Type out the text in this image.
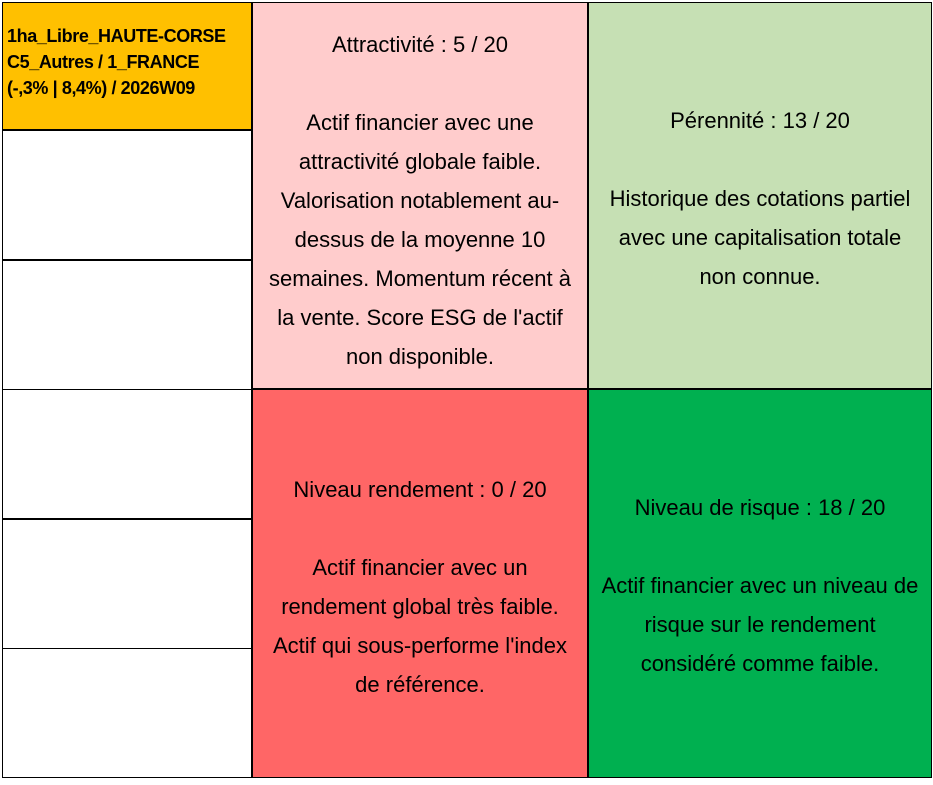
1ha_Libre_HAUTE-CORSE
C5_Autres / 1_FRANCE
(-,3% | 8,4%) / 2026W09
Attractivité : 5 / 20
Actif financier avec une
attractivité globale faible.
Valorisation notablement au-
dessus de la moyenne 10
semaines. Momentum récent à
la vente. Score ESG de l'actif
non disponible.
Pérennité : 13 / 20
Historique des cotations partiel
avec une capitalisation totale
non connue.
Niveau rendement : 0 / 20
Actif financier avec un
rendement global très faible.
Actif qui sous-performe l'index
de référence.
Niveau de risque : 18 / 20
Actif financier avec un niveau de
risque sur le rendement
considéré comme faible.
